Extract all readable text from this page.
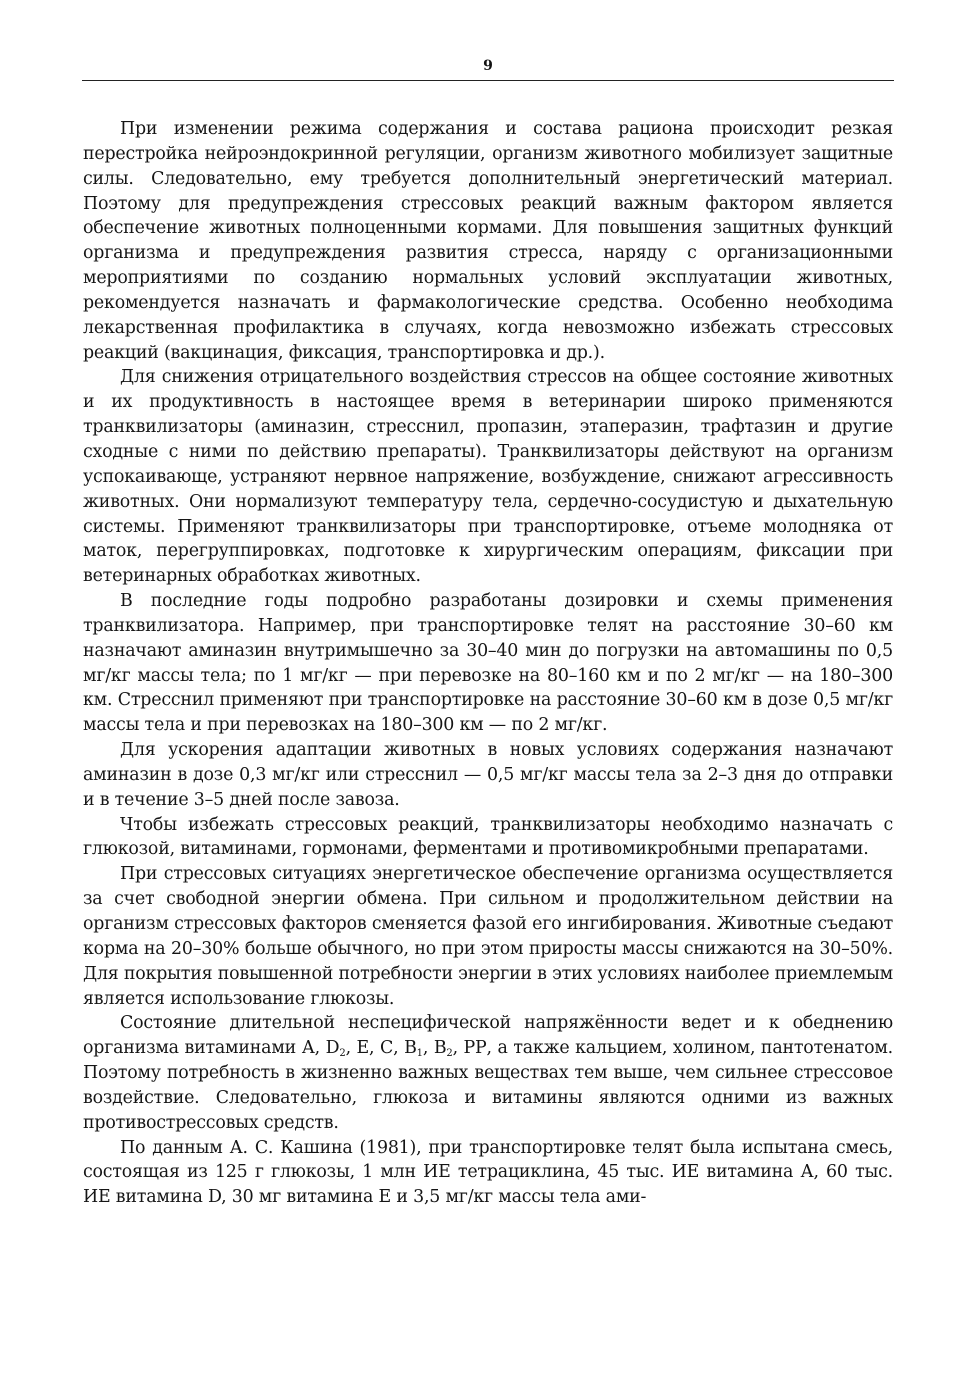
9

При изменении режима содержания и состава рациона происходит резкая перестройка нейроэндокринной регуляции, организм животного мобилизует защитные силы. Следовательно, ему требуется дополнительный энергетический материал. Поэтому для предупреждения стрессовых реакций важным фактором является обеспечение животных полноценными кормами. Для повышения защитных функций организма и предупреждения развития стресса, наряду с организационными мероприятиями по созданию нормальных условий эксплуатации животных, рекомендуется назначать и фармакологические средства. Особенно необходима лекарственная профилактика в случаях, когда невозможно избежать стрессовых реакций (вакцинация, фиксация, транспортировка и др.).

Для снижения отрицательного воздействия стрессов на общее состояние животных и их продуктивность в настоящее время в ветеринарии широко применяются транквилизаторы (аминазин, стресснил, пропазин, этаперазин, трафтазин и другие сходные с ними по действию препараты). Транквилизаторы действуют на организм успокаивающе, устраняют нервное напряжение, возбуждение, снижают агрессивность животных. Они нормализуют температуру тела, сердечно-сосудистую и дыхательную системы. Применяют транквилизаторы при транспортировке, отъеме молодняка от маток, перегруппировках, подготовке к хирургическим операциям, фиксации при ветеринарных обработках животных.

В последние годы подробно разработаны дозировки и схемы применения транквилизатора. Например, при транспортировке телят на расстояние 30–60 км назначают аминазин внутримышечно за 30–40 мин до погрузки на автомашины по 0,5 мг/кг массы тела; по 1 мг/кг — при перевозке на 80–160 км и по 2 мг/кг — на 180–300 км. Стресснил применяют при транспортировке на расстояние 30–60 км в дозе 0,5 мг/кг массы тела и при перевозках на 180–300 км — по 2 мг/кг.

Для ускорения адаптации животных в новых условиях содержания назначают аминазин в дозе 0,3 мг/кг или стресснил — 0,5 мг/кг массы тела за 2–3 дня до отправки и в течение 3–5 дней после завоза.

Чтобы избежать стрессовых реакций, транквилизаторы необходимо назначать с глюкозой, витаминами, гормонами, ферментами и противомикробными препаратами.

При стрессовых ситуациях энергетическое обеспечение организма осуществляется за счет свободной энергии обмена. При сильном и продолжительном действии на организм стрессовых факторов сменяется фазой его ингибирования. Животные съедают корма на 20–30% больше обычного, но при этом приросты массы снижаются на 30–50%. Для покрытия повышенной потребности энергии в этих условиях наиболее приемлемым является использование глюкозы.

Состояние длительной неспецифической напряжённости ведет и к обеднению организма витаминами А, $D_2$, Е, С, $В_1$, $В_2$, РР, а также кальцием, холином, пантотенатом. Поэтому потребность в жизненно важных веществах тем выше, чем сильнее стрессовое воздействие. Следовательно, глюкоза и витамины являются одними из важных противострессовых средств.

По данным А. С. Кашина (1981), при транспортировке телят была испытана смесь, состоящая из 125 г глюкозы, 1 млн ИЕ тетрациклина, 45 тыс. ИЕ витамина А, 60 тыс. ИЕ витамина D, 30 мг витамина Е и 3,5 мг/кг массы тела ами-
